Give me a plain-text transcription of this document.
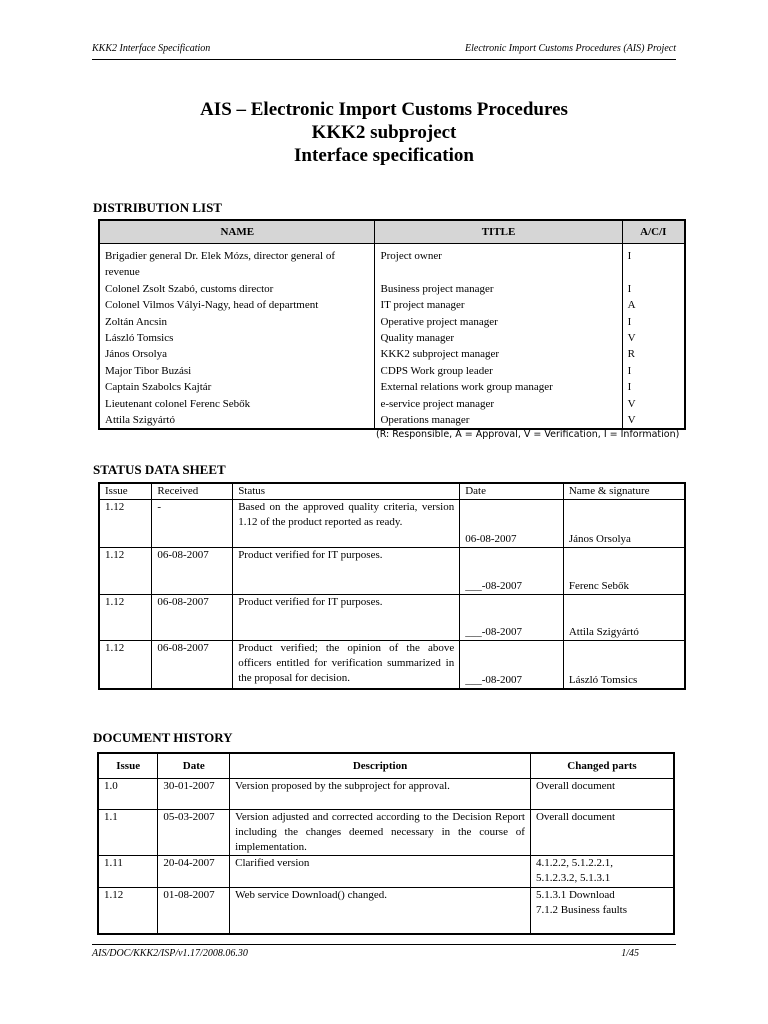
KKK2 Interface Specification	Electronic Import Customs Procedures (AIS) Project
AIS – Electronic Import Customs Procedures
KKK2 subproject
Interface specification
DISTRIBUTION LIST
NAME	TITLE	A/C/I
Brigadier general Dr. Elek Mózs, director general of revenue	Project owner	I
Colonel Zsolt Szabó, customs director	Business project manager	I
Colonel Vilmos Vályi-Nagy, head of department	IT project manager	A
Zoltán Ancsin	Operative project manager	I
László Tomsics	Quality manager	V
János Orsolya	KKK2 subproject manager	R
Major Tibor Buzási	CDPS Work group leader	I
Captain Szabolcs Kajtár	External relations work group manager	I
Lieutenant colonel Ferenc Sebők	e-service project manager	V
Attila Szigyártó	Operations manager	V
(R: Responsible, A = Approval, V = Verification, I = Information)
STATUS DATA SHEET
Issue	Received	Status	Date	Name & signature
1.12	-	Based on the approved quality criteria, version 1.12 of the product reported as ready.	06-08-2007	János Orsolya
1.12	06-08-2007	Product verified for IT purposes.	___-08-2007	Ferenc Sebők
1.12	06-08-2007	Product verified for IT purposes.	___-08-2007	Attila Szigyártó
1.12	06-08-2007	Product verified; the opinion of the above officers entitled for verification summarized in the proposal for decision.	___-08-2007	László Tomsics
DOCUMENT HISTORY
Issue	Date	Description	Changed parts
1.0	30-01-2007	Version proposed by the subproject for approval.	Overall document

1.1	05-03-2007	Version adjusted and corrected according to the Decision Report including the changes deemed necessary in the course of implementation.	Overall document

1.11	20-04-2007	Clarified version	4.1.2.2, 5.1.2.2.1,
5.1.2.3.2, 5.1.3.1

1.12	01-08-2007	Web service Download() changed.	5.1.3.1 Download
7.1.2 Business faults
AIS/DOC/KKK2/ISP/v1.17/2008.06.30	1/45
